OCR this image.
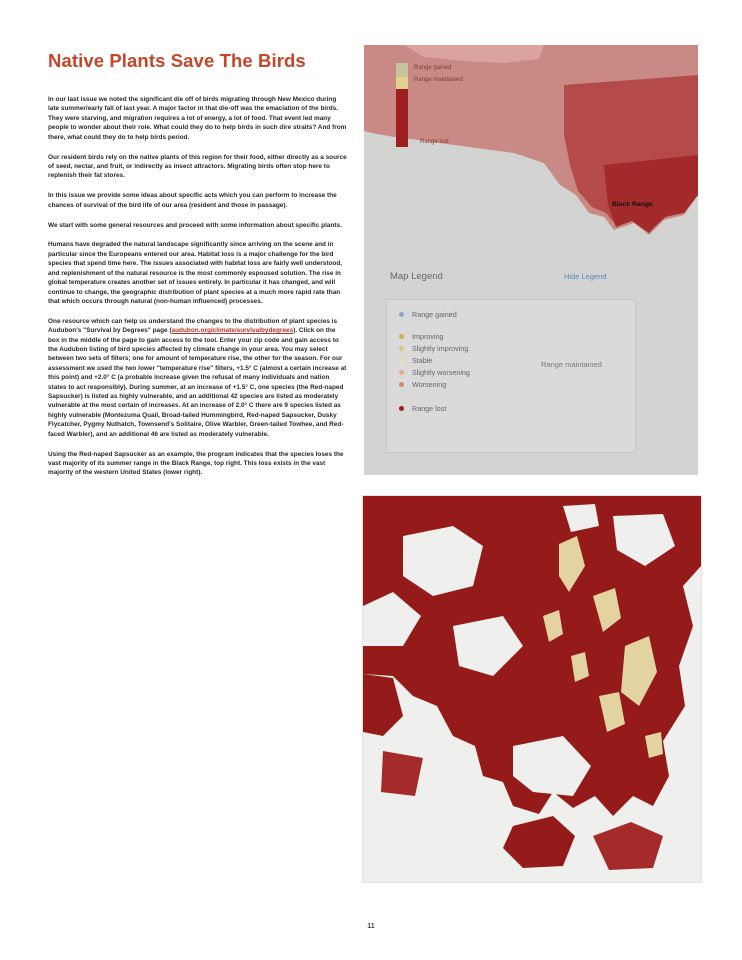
Native Plants Save The Birds

In our last issue we noted the significant die off of birds migrating through New Mexico during late summer/early fall of last year. A major factor in that die-off was the emaciation of the birds. They were starving, and migration requires a lot of energy, a lot of food. That event led many people to wonder about their role. What could they do to help birds in such dire straits? And from there, what could they do to help birds period.

Our resident birds rely on the native plants of this region for their food, either directly as a source of seed, nectar, and fruit, or indirectly as insect attractors. Migrating birds often stop here to replenish their fat stores.

In this issue we provide some ideas about specific acts which you can perform to increase the chances of survival of the bird life of our area (resident and those in passage).

We start with some general resources and proceed with some information about specific plants.

Humans have degraded the natural landscape significantly since arriving on the scene and in particular since the Europeans entered our area. Habitat loss is a major challenge for the bird species that spend time here. The issues associated with habitat loss are fairly well understood, and replenishment of the natural resource is the most commonly espoused solution. The rise in global temperature creates another set of issues entirely. In particular it has changed, and will continue to change, the geographic distribution of plant species at a much more rapid rate than that which occurs through natural (non-human influenced) processes.

One resource which can help us understand the changes to the distribution of plant species is Audubon's "Survival by Degrees" page (audubon.org/climate/survivalbydegrees). Click on the box in the middle of the page to gain access to the tool. Enter your zip code and gain access to the Audubon listing of bird species affected by climate change in your area. You may select between two sets of filters; one for amount of temperature rise, the other for the season. For our assessment we used the two lower "temperature rise" filters, +1.5° C (almost a certain increase at this point) and +2.0° C (a probable increase given the refusal of many individuals and nation states to act responsibly). During summer, at an increase of +1.5° C, one species (the Red-naped Sapsucker) is listed as highly vulnerable, and an additional 42 species are listed as moderately vulnerable at the most certain of increases. At an increase of 2.0° C there are 9 species listed as highly vulnerable (Montezuma Quail, Broad-tailed Hummingbird, Red-naped Sapsucker, Dusky Flycatcher, Pygmy Nuthatch, Townsend's Solitaire, Olive Warbler, Green-tailed Towhee, and Red-faced Warbler), and an additional 46 are listed as moderately vulnerable.

Using the Red-naped Sapsucker as an example, the program indicates that the species loses the vast majority of its summer range in the Black Range, top right. This loss exists in the vast majority of the western United States (lower right).

Range gained
Range maintained
Range lost
Black Range
Map Legend	Hide Legend
Range gained
Improving
Slightly improving
Stable
Slightly worsening
Worsening
Range lost
Range maintained
11
